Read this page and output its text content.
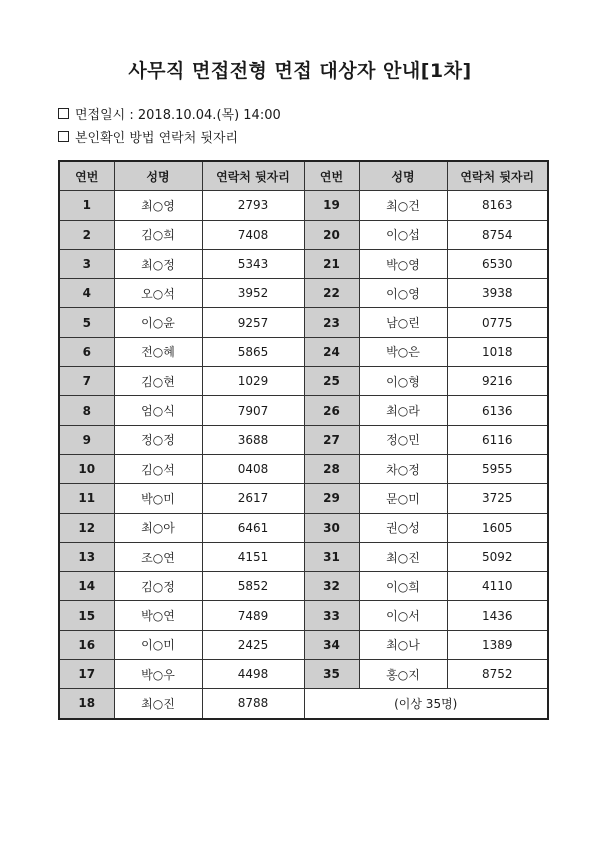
사무직 면접전형 면접 대상자 안내[1차]
면접일시 : 2018.10.04.(목) 14:00
본인확인 방법 연락처 뒷자리
연번	성명	연락처 뒷자리	연번	성명	연락처 뒷자리
1	최○영	2793	19	최○건	8163
2	김○희	7408	20	이○섭	8754
3	최○정	5343	21	박○영	6530
4	오○석	3952	22	이○영	3938
5	이○윤	9257	23	남○린	0775
6	전○혜	5865	24	박○은	1018
7	김○현	1029	25	이○형	9216
8	엄○식	7907	26	최○라	6136
9	정○정	3688	27	정○민	6116
10	김○석	0408	28	차○정	5955
11	박○미	2617	29	문○미	3725
12	최○아	6461	30	권○성	1605
13	조○연	4151	31	최○진	5092
14	김○정	5852	32	이○희	4110
15	박○연	7489	33	이○서	1436
16	이○미	2425	34	최○나	1389
17	박○우	4498	35	홍○지	8752
18	최○진	8788	(이상 35명)		
